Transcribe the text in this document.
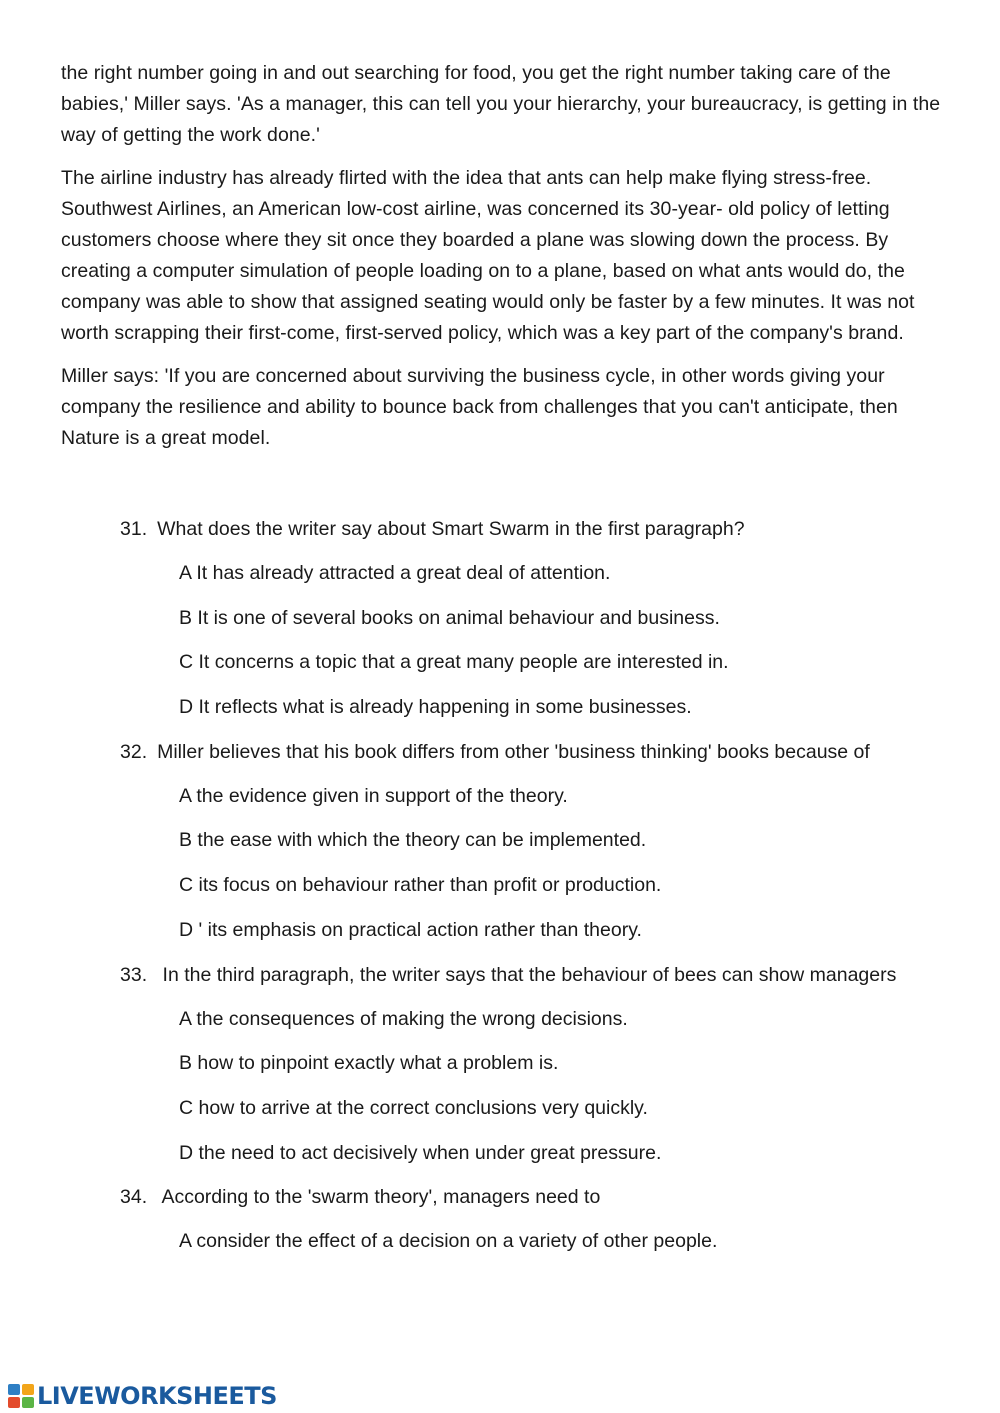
the right number going in and out searching for food, you get the right number taking care of the babies,' Miller says. 'As a manager, this can tell you your hierarchy, your bureaucracy, is getting in the way of getting the work done.'

The airline industry has already flirted with the idea that ants can help make flying stress-free. Southwest Airlines, an American low-cost airline, was concerned its 30-year- old policy of letting customers choose where they sit once they boarded a plane was slowing down the process. By creating a computer simulation of people loading on to a plane, based on what ants would do, the company was able to show that assigned seating would only be faster by a few minutes. It was not worth scrapping their first-come, first-served policy, which was a key part of the company's brand.

Miller says: 'If you are concerned about surviving the business cycle, in other words giving your company the resilience and ability to bounce back from challenges that you can't anticipate, then Nature is a great model.

31. What does the writer say about Smart Swarm in the first paragraph?
A It has already attracted a great deal of attention.
B It is one of several books on animal behaviour and business.
C It concerns a topic that a great many people are interested in.
D It reflects what is already happening in some businesses.
32. Miller believes that his book differs from other 'business thinking' books because of
A the evidence given in support of the theory.
B the ease with which the theory can be implemented.
C its focus on behaviour rather than profit or production.
D ' its emphasis on practical action rather than theory.
33. In the third paragraph, the writer says that the behaviour of bees can show managers
A the consequences of making the wrong decisions.
B how to pinpoint exactly what a problem is.
C how to arrive at the correct conclusions very quickly.
D the need to act decisively when under great pressure.
34. According to the 'swarm theory', managers need to
A consider the effect of a decision on a variety of other people.
LIVEWORKSHEETS
